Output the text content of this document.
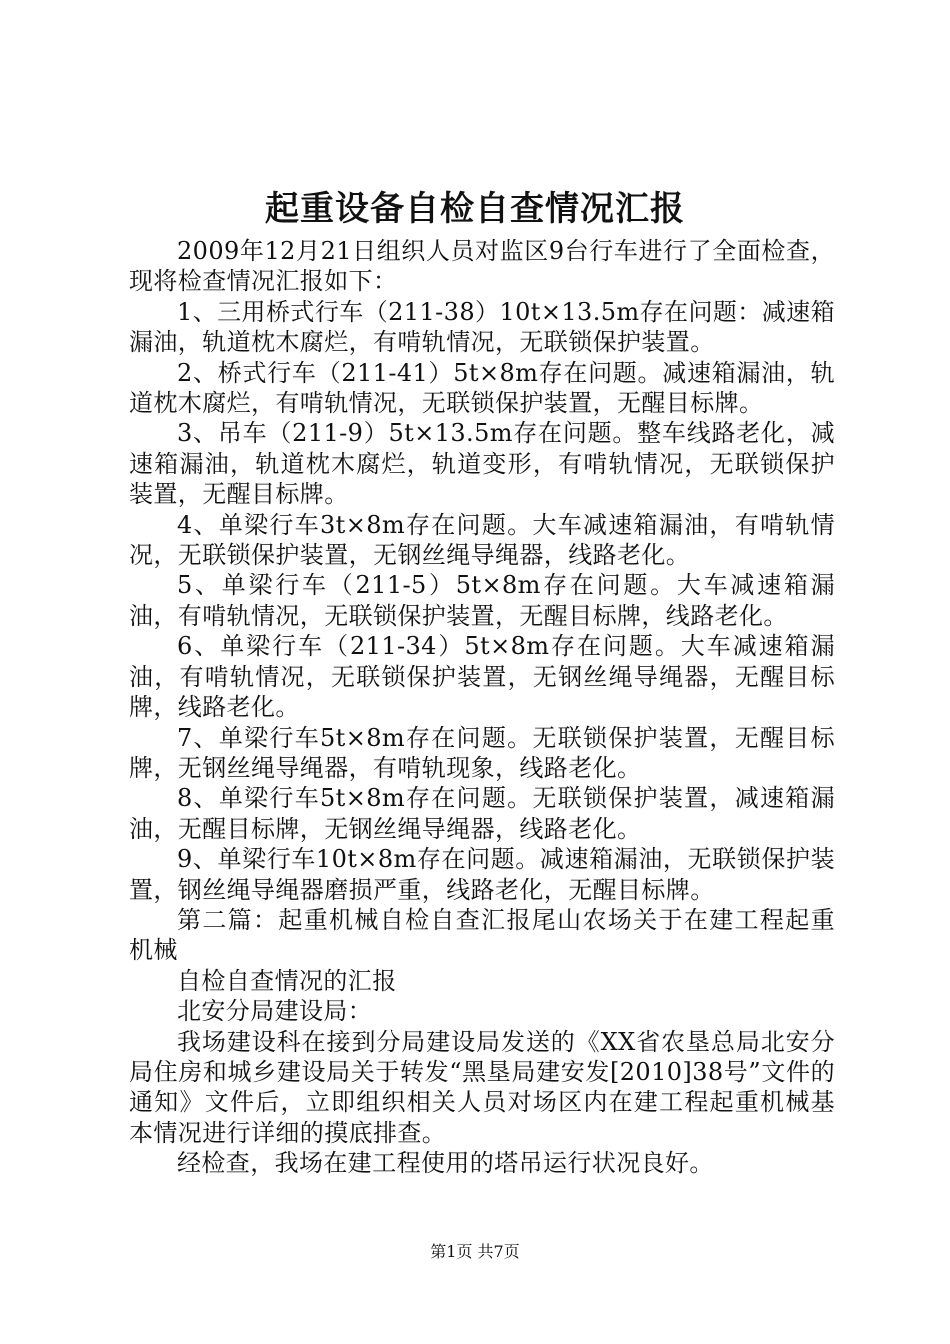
起重设备自检自查情况汇报

2009年12月21日组织人员对监区9台行车进行了全面检查，现将检查情况汇报如下：

1、三用桥式行车（211-38）10t×13.5m存在问题：减速箱漏油，轨道枕木腐烂，有啃轨情况，无联锁保护装置。

2、桥式行车（211-41）5t×8m存在问题。减速箱漏油，轨道枕木腐烂，有啃轨情况，无联锁保护装置，无醒目标牌。

3、吊车（211-9）5t×13.5m存在问题。整车线路老化，减速箱漏油，轨道枕木腐烂，轨道变形，有啃轨情况，无联锁保护装置，无醒目标牌。

4、单梁行车3t×8m存在问题。大车减速箱漏油，有啃轨情况，无联锁保护装置，无钢丝绳导绳器，线路老化。

5、单梁行车（211-5）5t×8m存在问题。大车减速箱漏油，有啃轨情况，无联锁保护装置，无醒目标牌，线路老化。

6、单梁行车（211-34）5t×8m存在问题。大车减速箱漏油，有啃轨情况，无联锁保护装置，无钢丝绳导绳器，无醒目标牌，线路老化。

7、单梁行车5t×8m存在问题。无联锁保护装置，无醒目标牌，无钢丝绳导绳器，有啃轨现象，线路老化。

8、单梁行车5t×8m存在问题。无联锁保护装置，减速箱漏油，无醒目标牌，无钢丝绳导绳器，线路老化。

9、单梁行车10t×8m存在问题。减速箱漏油，无联锁保护装置，钢丝绳导绳器磨损严重，线路老化，无醒目标牌。

第二篇：起重机械自检自查汇报尾山农场关于在建工程起重机械

自检自查情况的汇报

北安分局建设局：

我场建设科在接到分局建设局发送的《XX省农垦总局北安分局住房和城乡建设局关于转发“黑垦局建安发[2010]38号”文件的通知》文件后，立即组织相关人员对场区内在建工程起重机械基本情况进行详细的摸底排查。

经检查，我场在建工程使用的塔吊运行状况良好。

第1页 共7页
